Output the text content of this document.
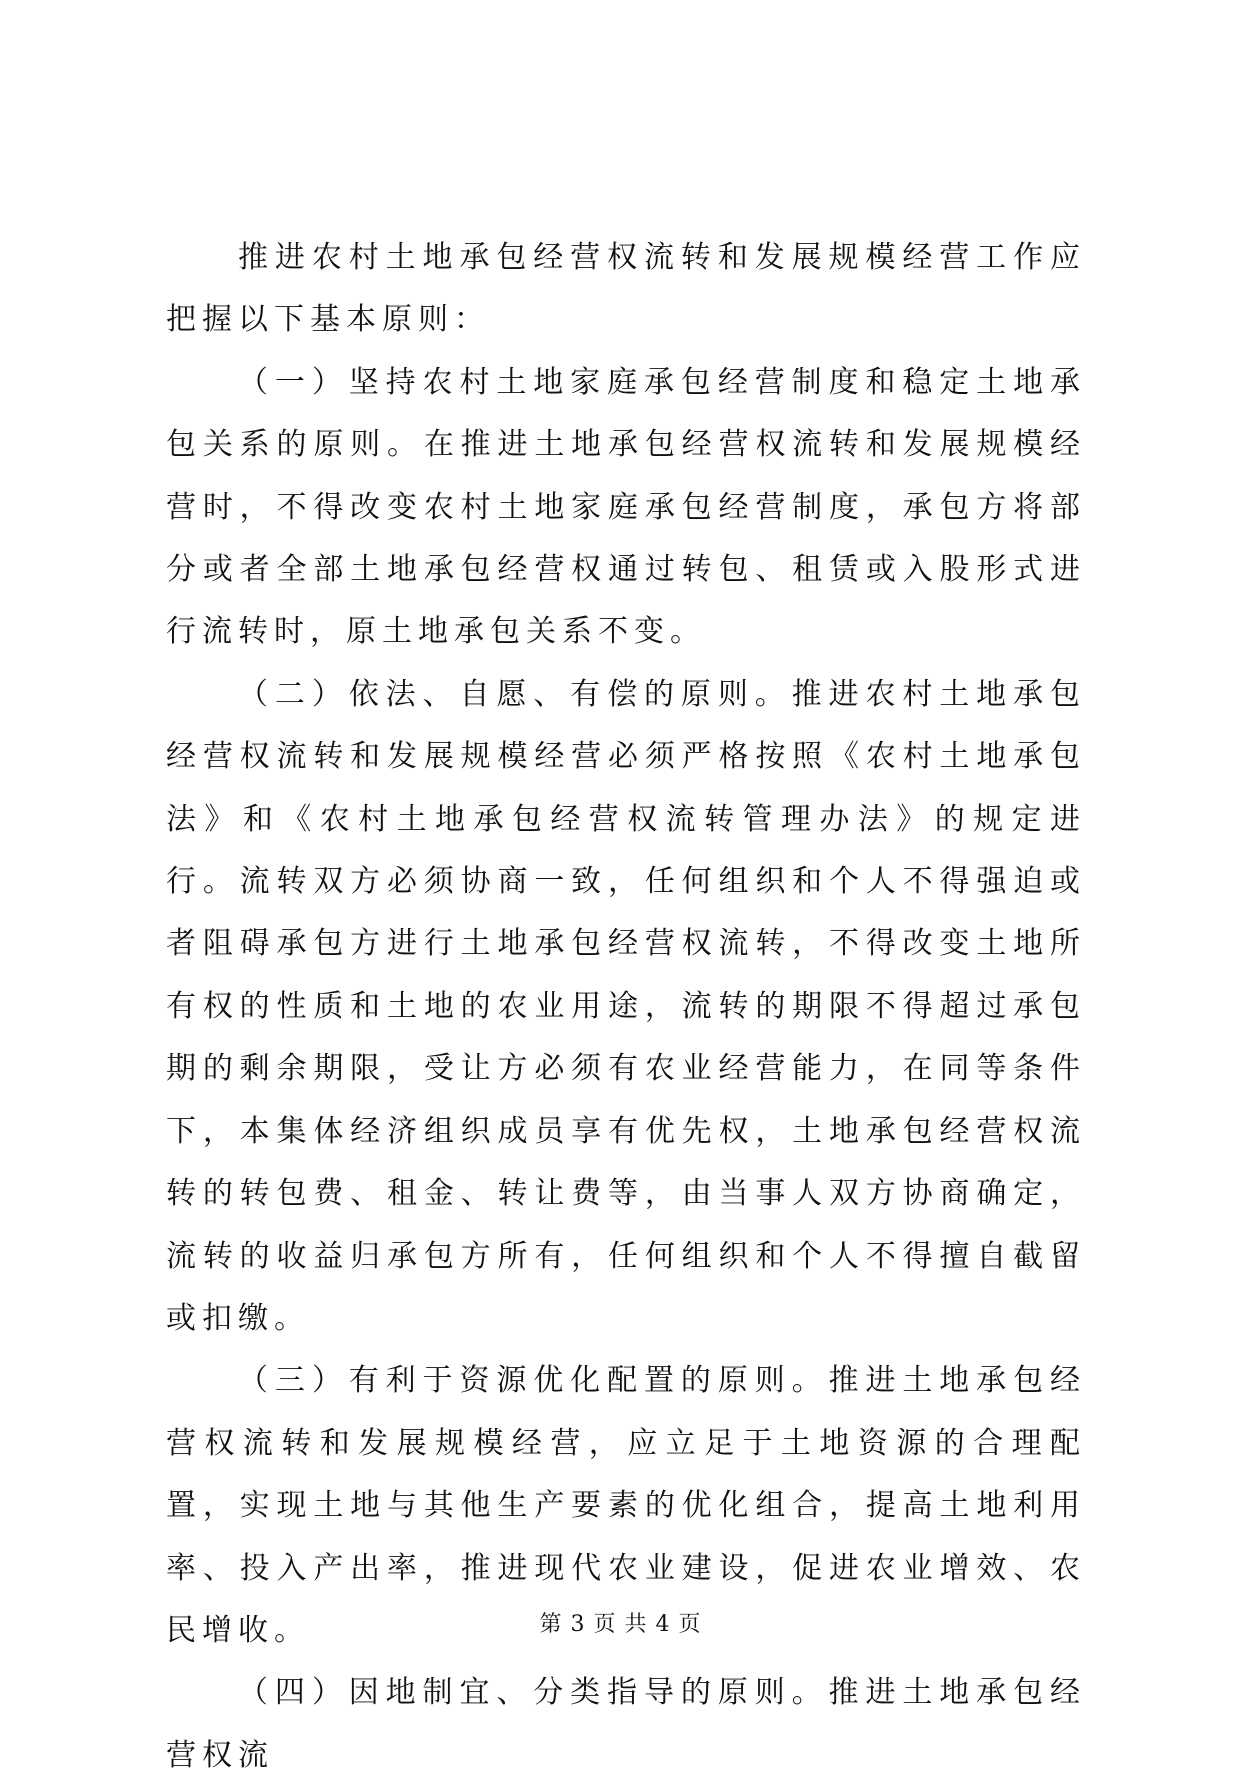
推进农村土地承包经营权流转和发展规模经营工作应把握以下基本原则：

（一）坚持农村土地家庭承包经营制度和稳定土地承包关系的原则。在推进土地承包经营权流转和发展规模经营时，不得改变农村土地家庭承包经营制度，承包方将部分或者全部土地承包经营权通过转包、租赁或入股形式进行流转时，原土地承包关系不变。

（二）依法、自愿、有偿的原则。推进农村土地承包经营权流转和发展规模经营必须严格按照《农村土地承包法》和《农村土地承包经营权流转管理办法》的规定进行。流转双方必须协商一致，任何组织和个人不得强迫或者阻碍承包方进行土地承包经营权流转，不得改变土地所有权的性质和土地的农业用途，流转的期限不得超过承包期的剩余期限，受让方必须有农业经营能力，在同等条件下，本集体经济组织成员享有优先权，土地承包经营权流转的转包费、租金、转让费等，由当事人双方协商确定，流转的收益归承包方所有，任何组织和个人不得擅自截留或扣缴。

（三）有利于资源优化配置的原则。推进土地承包经营权流转和发展规模经营，应立足于土地资源的合理配置，实现土地与其他生产要素的优化组合，提高土地利用率、投入产出率，推进现代农业建设，促进农业增效、农民增收。

（四）因地制宜、分类指导的原则。推进土地承包经营权流

第 3 页 共 4 页
